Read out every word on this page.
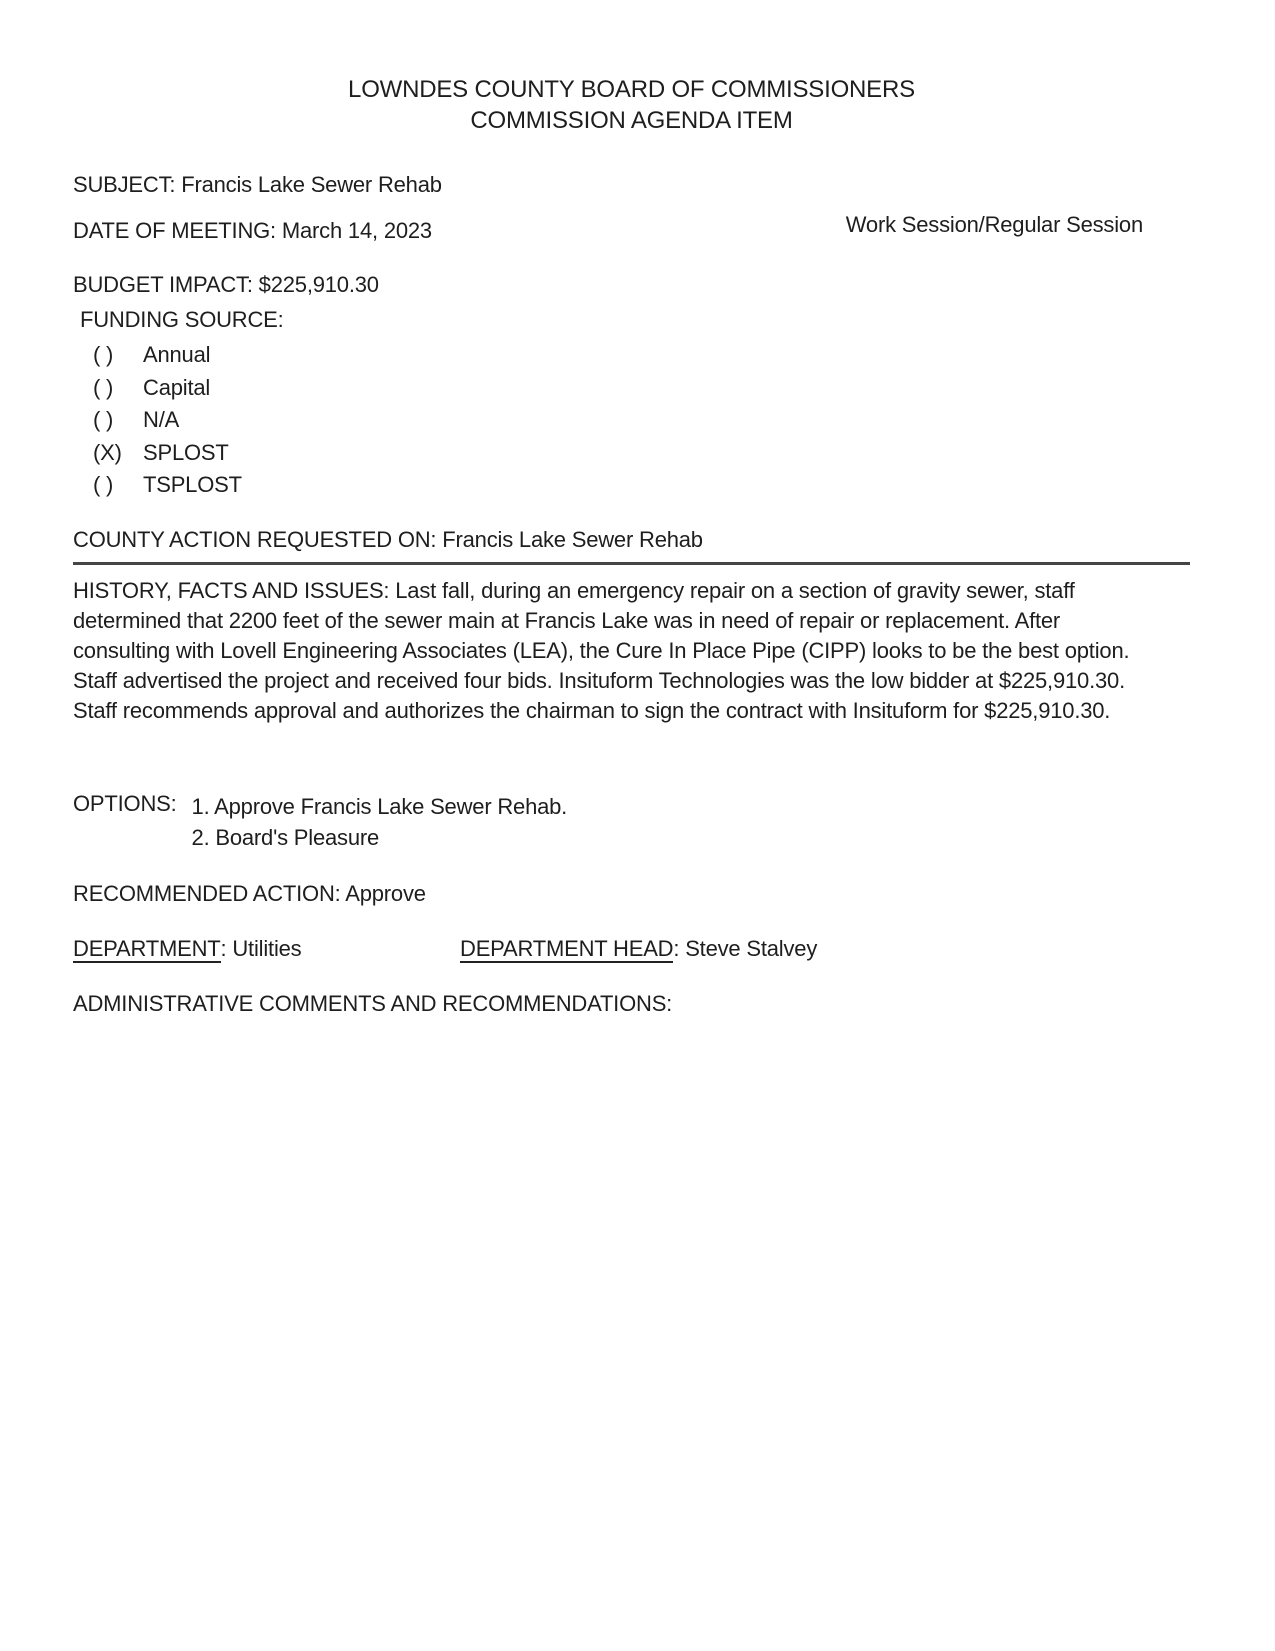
LOWNDES COUNTY BOARD OF COMMISSIONERS
COMMISSION AGENDA ITEM
SUBJECT: Francis Lake Sewer Rehab
DATE OF MEETING: March 14, 2023	Work Session/Regular Session
BUDGET IMPACT: $225,910.30
FUNDING SOURCE:
( )	Annual
( )	Capital
( )	N/A
(X) SPLOST
( )	TSPLOST
COUNTY ACTION REQUESTED ON: Francis Lake Sewer Rehab
HISTORY, FACTS AND ISSUES: Last fall, during an emergency repair on a section of gravity sewer, staff determined that 2200 feet of the sewer main at Francis Lake was in need of repair or replacement. After consulting with Lovell Engineering Associates (LEA), the Cure In Place Pipe (CIPP) looks to be the best option. Staff advertised the project and received four bids. Insituform Technologies was the low bidder at $225,910.30. Staff recommends approval and authorizes the chairman to sign the contract with Insituform for $225,910.30.
OPTIONS: 1. Approve Francis Lake Sewer Rehab.
2. Board's Pleasure
RECOMMENDED ACTION: Approve
DEPARTMENT: Utilities	DEPARTMENT HEAD: Steve Stalvey
ADMINISTRATIVE COMMENTS AND RECOMMENDATIONS:
